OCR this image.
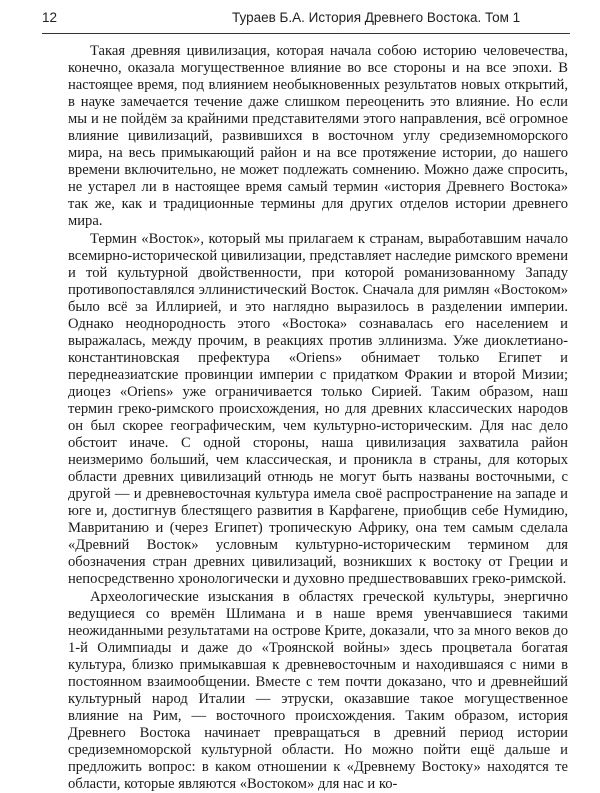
12	Тураев Б.А. История Древнего Востока. Том 1

Такая древняя цивилизация, которая начала собою историю человечества, конечно, оказала могущественное влияние во все стороны и на все эпохи. В настоящее время, под влиянием необыкновенных результатов новых открытий, в науке замечается течение даже слишком переоценить это влияние. Но если мы и не пойдём за крайними представителями этого направления, всё огромное влияние цивилизаций, развившихся в восточном углу средиземноморского мира, на весь примыкающий район и на все протяжение истории, до нашего времени включительно, не может подлежать сомнению. Можно даже спросить, не устарел ли в настоящее время самый термин «история Древнего Востока» так же, как и традиционные термины для других отделов истории древнего мира.

Термин «Восток», который мы прилагаем к странам, выработавшим начало всемирно-исторической цивилизации, представляет наследие римского времени и той культурной двойственности, при которой романизованному Западу противопоставлялся эллинистический Восток. Сначала для римлян «Востоком» было всё за Иллирией, и это наглядно выразилось в разделении империи. Однако неоднородность этого «Востока» сознавалась его населением и выражалась, между прочим, в реакциях против эллинизма. Уже диоклетиано-константиновская префектура «Oriens» обнимает только Египет и переднеазиатские провинции империи с придатком Фракии и второй Мизии; диоцез «Oriens» уже ограничивается только Сирией. Таким образом, наш термин греко-римского происхождения, но для древних классических народов он был скорее географическим, чем культурно-историческим. Для нас дело обстоит иначе. С одной стороны, наша цивилизация захватила район неизмеримо больший, чем классическая, и проникла в страны, для которых области древних цивилизаций отнюдь не могут быть названы восточными, с другой — и древневосточная культура имела своё распространение на западе и юге и, достигнув блестящего развития в Карфагене, приобщив себе Нумидию, Мавританию и (через Египет) тропическую Африку, она тем самым сделала «Древний Восток» условным культурно-историческим термином для обозначения стран древних цивилизаций, возникших к востоку от Греции и непосредственно хронологически и духовно предшествовавших греко-римской.

Археологические изыскания в областях греческой культуры, энергично ведущиеся со времён Шлимана и в наше время увенчавшиеся такими неожиданными результатами на острове Крите, доказали, что за много веков до 1-й Олимпиады и даже до «Троянской войны» здесь процветала богатая культура, близко примыкавшая к древневосточным и находившаяся с ними в постоянном взаимообщении. Вместе с тем почти доказано, что и древнейший культурный народ Италии — этруски, оказавшие такое могущественное влияние на Рим, — восточного происхождения. Таким образом, история Древнего Востока начинает превращаться в древний период истории средиземноморской культурной области. Но можно пойти ещё дальше и предложить вопрос: в каком отношении к «Древнему Востоку» находятся те области, которые являются «Востоком» для нас и ко-
